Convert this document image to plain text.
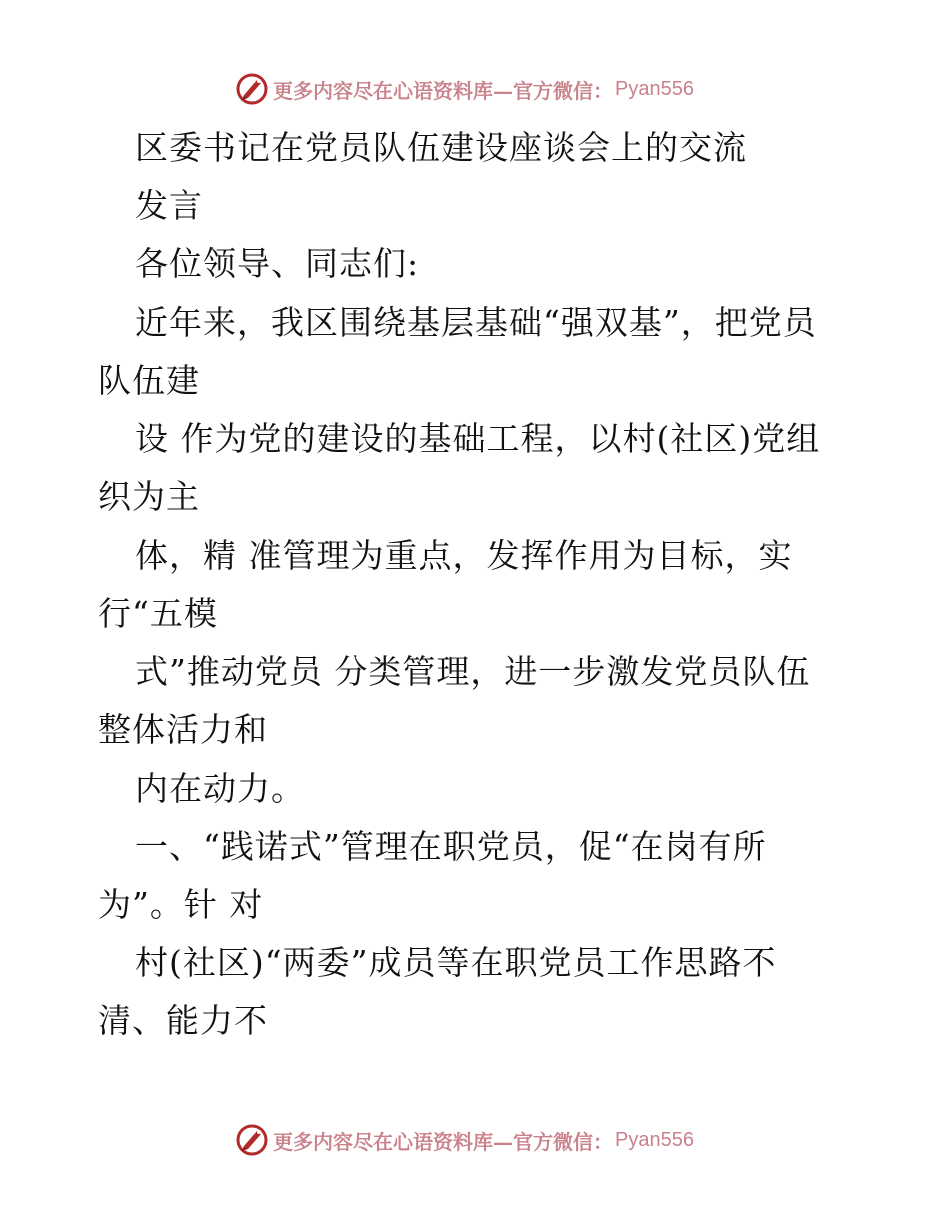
更多内容尽在心语资料库—官方微信： Pyan556
区委书记在党员队伍建设座谈会上的交流
发言
各位领导、同志们:
近年来，我区围绕基层基础“强双基”，把党员
队伍建
设 作为党的建设的基础工程，以村(社区)党组
织为主
体，精 准管理为重点，发挥作用为目标，实
行“五模
式”推动党员 分类管理，进一步激发党员队伍
整体活力和
内在动力。
一、“践诺式”管理在职党员，促“在岗有所
为”。针 对
村(社区)“两委”成员等在职党员工作思路不
清、能力不
更多内容尽在心语资料库—官方微信： Pyan556
